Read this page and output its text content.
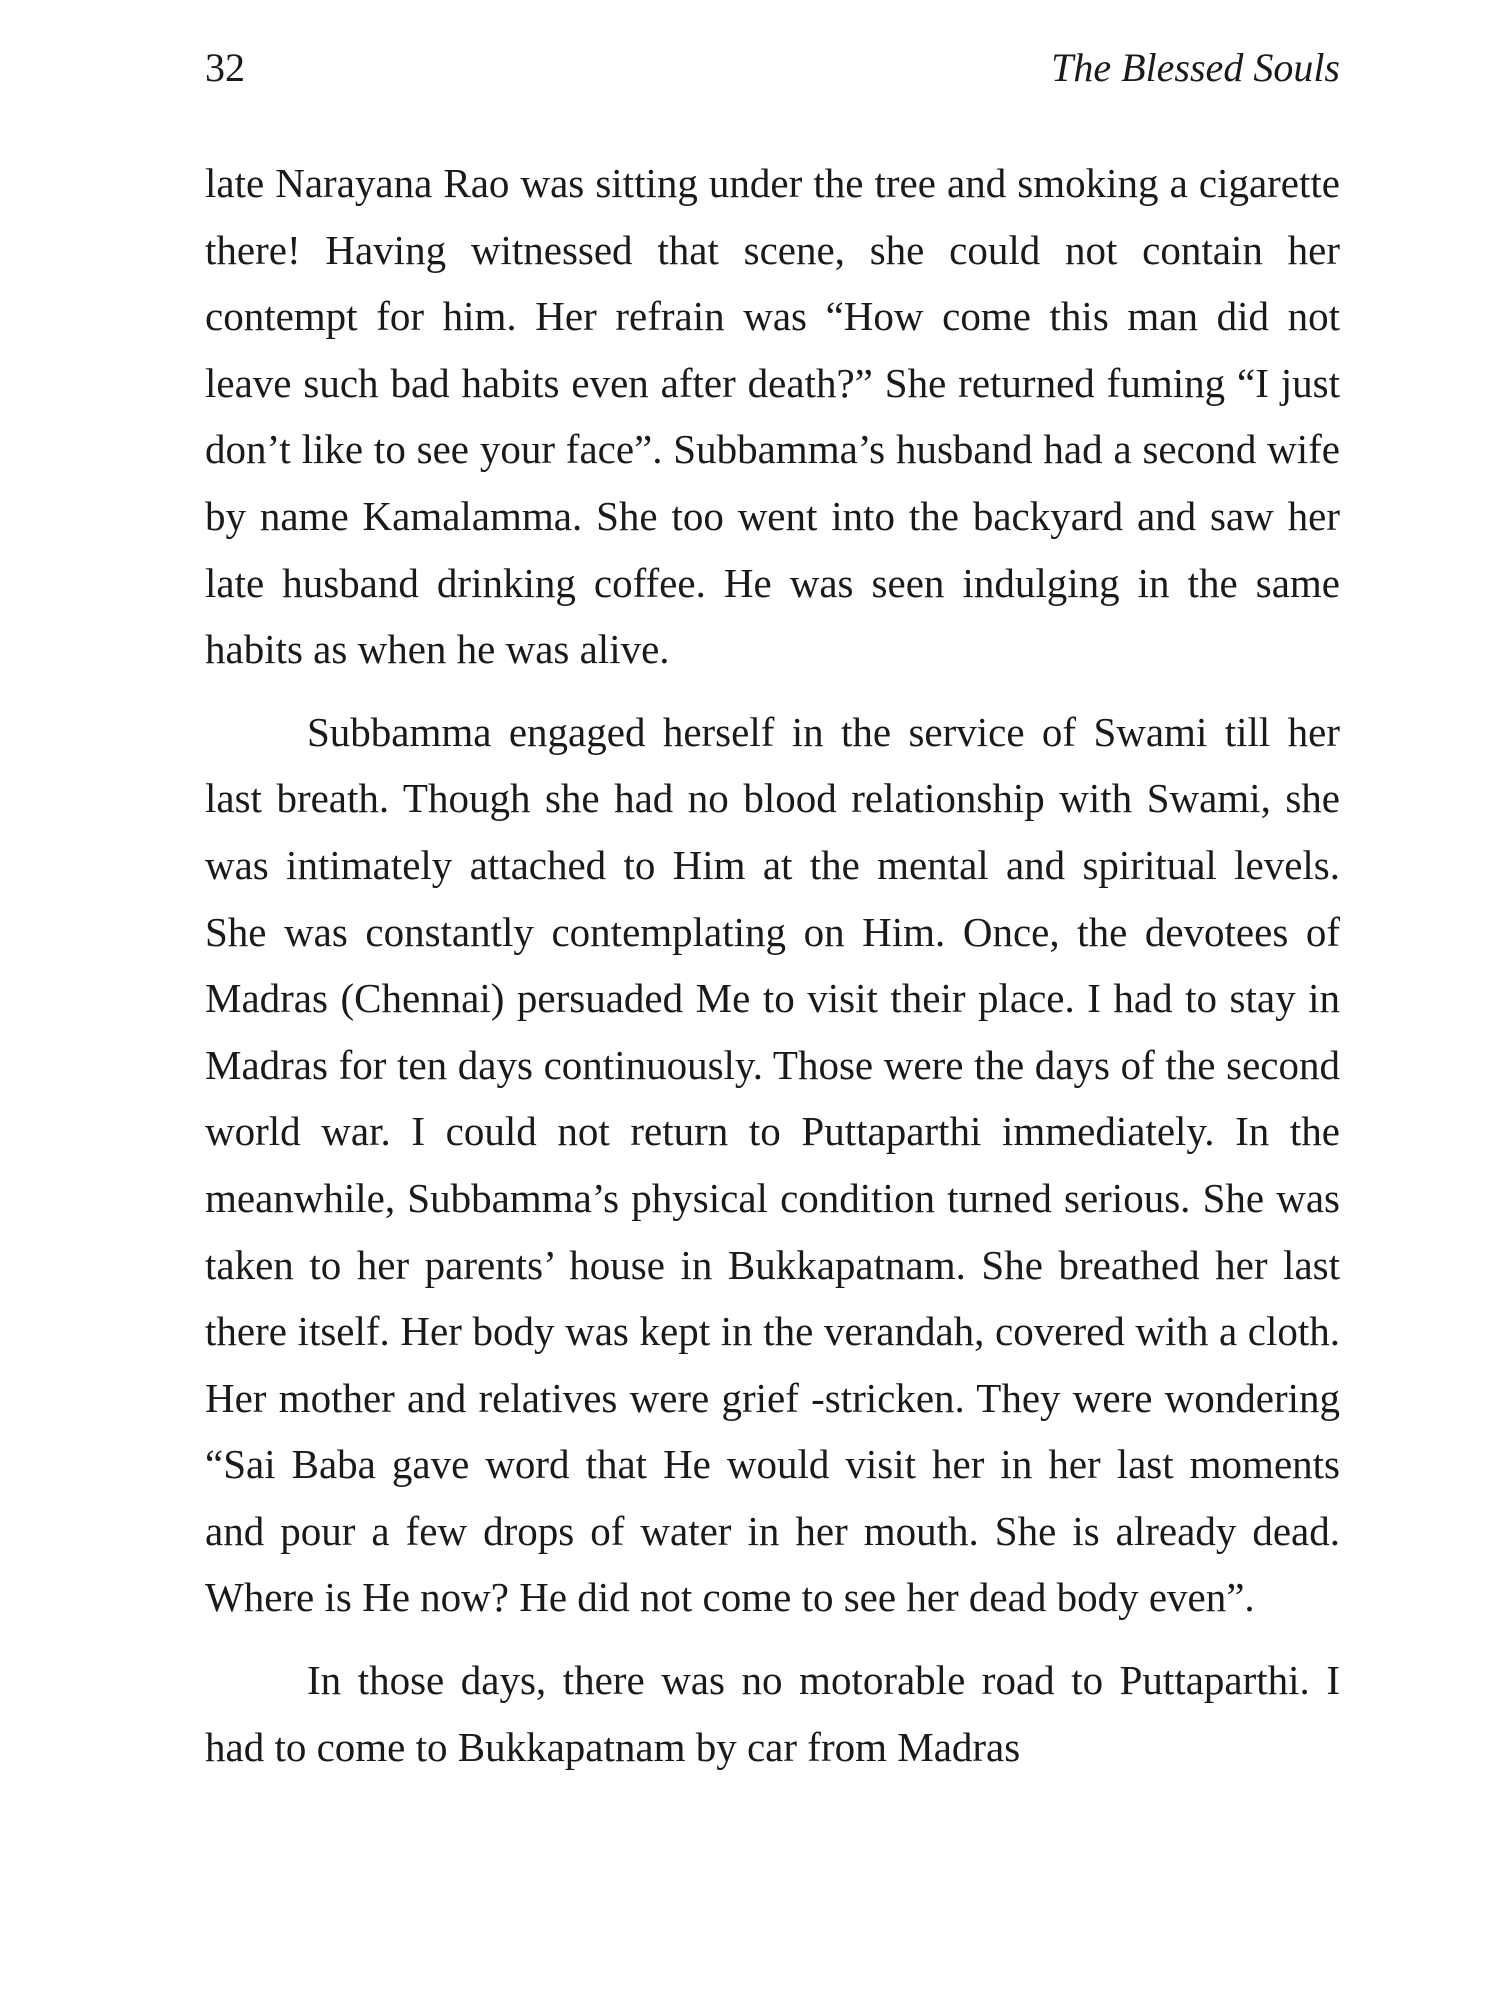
32	The Blessed Souls

late Narayana Rao was sitting under the tree and smoking a cigarette there! Having witnessed that scene, she could not contain her contempt for him. Her refrain was “How come this man did not leave such bad habits even after death?” She returned fuming “I just don’t like to see your face”. Subbamma’s husband had a second wife by name Kamalamma. She too went into the backyard and saw her late husband drinking coffee. He was seen indulging in the same habits as when he was alive.

Subbamma engaged herself in the service of Swami till her last breath. Though she had no blood relationship with Swami, she was intimately attached to Him at the mental and spiritual levels. She was constantly contemplating on Him. Once, the devotees of Madras (Chennai) persuaded Me to visit their place. I had to stay in Madras for ten days continuously. Those were the days of the second world war. I could not return to Puttaparthi immediately. In the meanwhile, Subbamma’s physical condition turned serious. She was taken to her parents’ house in Bukkapatnam. She breathed her last there itself. Her body was kept in the verandah, covered with a cloth. Her mother and relatives were grief -stricken. They were wondering “Sai Baba gave word that He would visit her in her last moments and pour a few drops of water in her mouth. She is already dead. Where is He now? He did not come to see her dead body even”.

In those days, there was no motorable road to Puttaparthi. I had to come to Bukkapatnam by car from Madras
